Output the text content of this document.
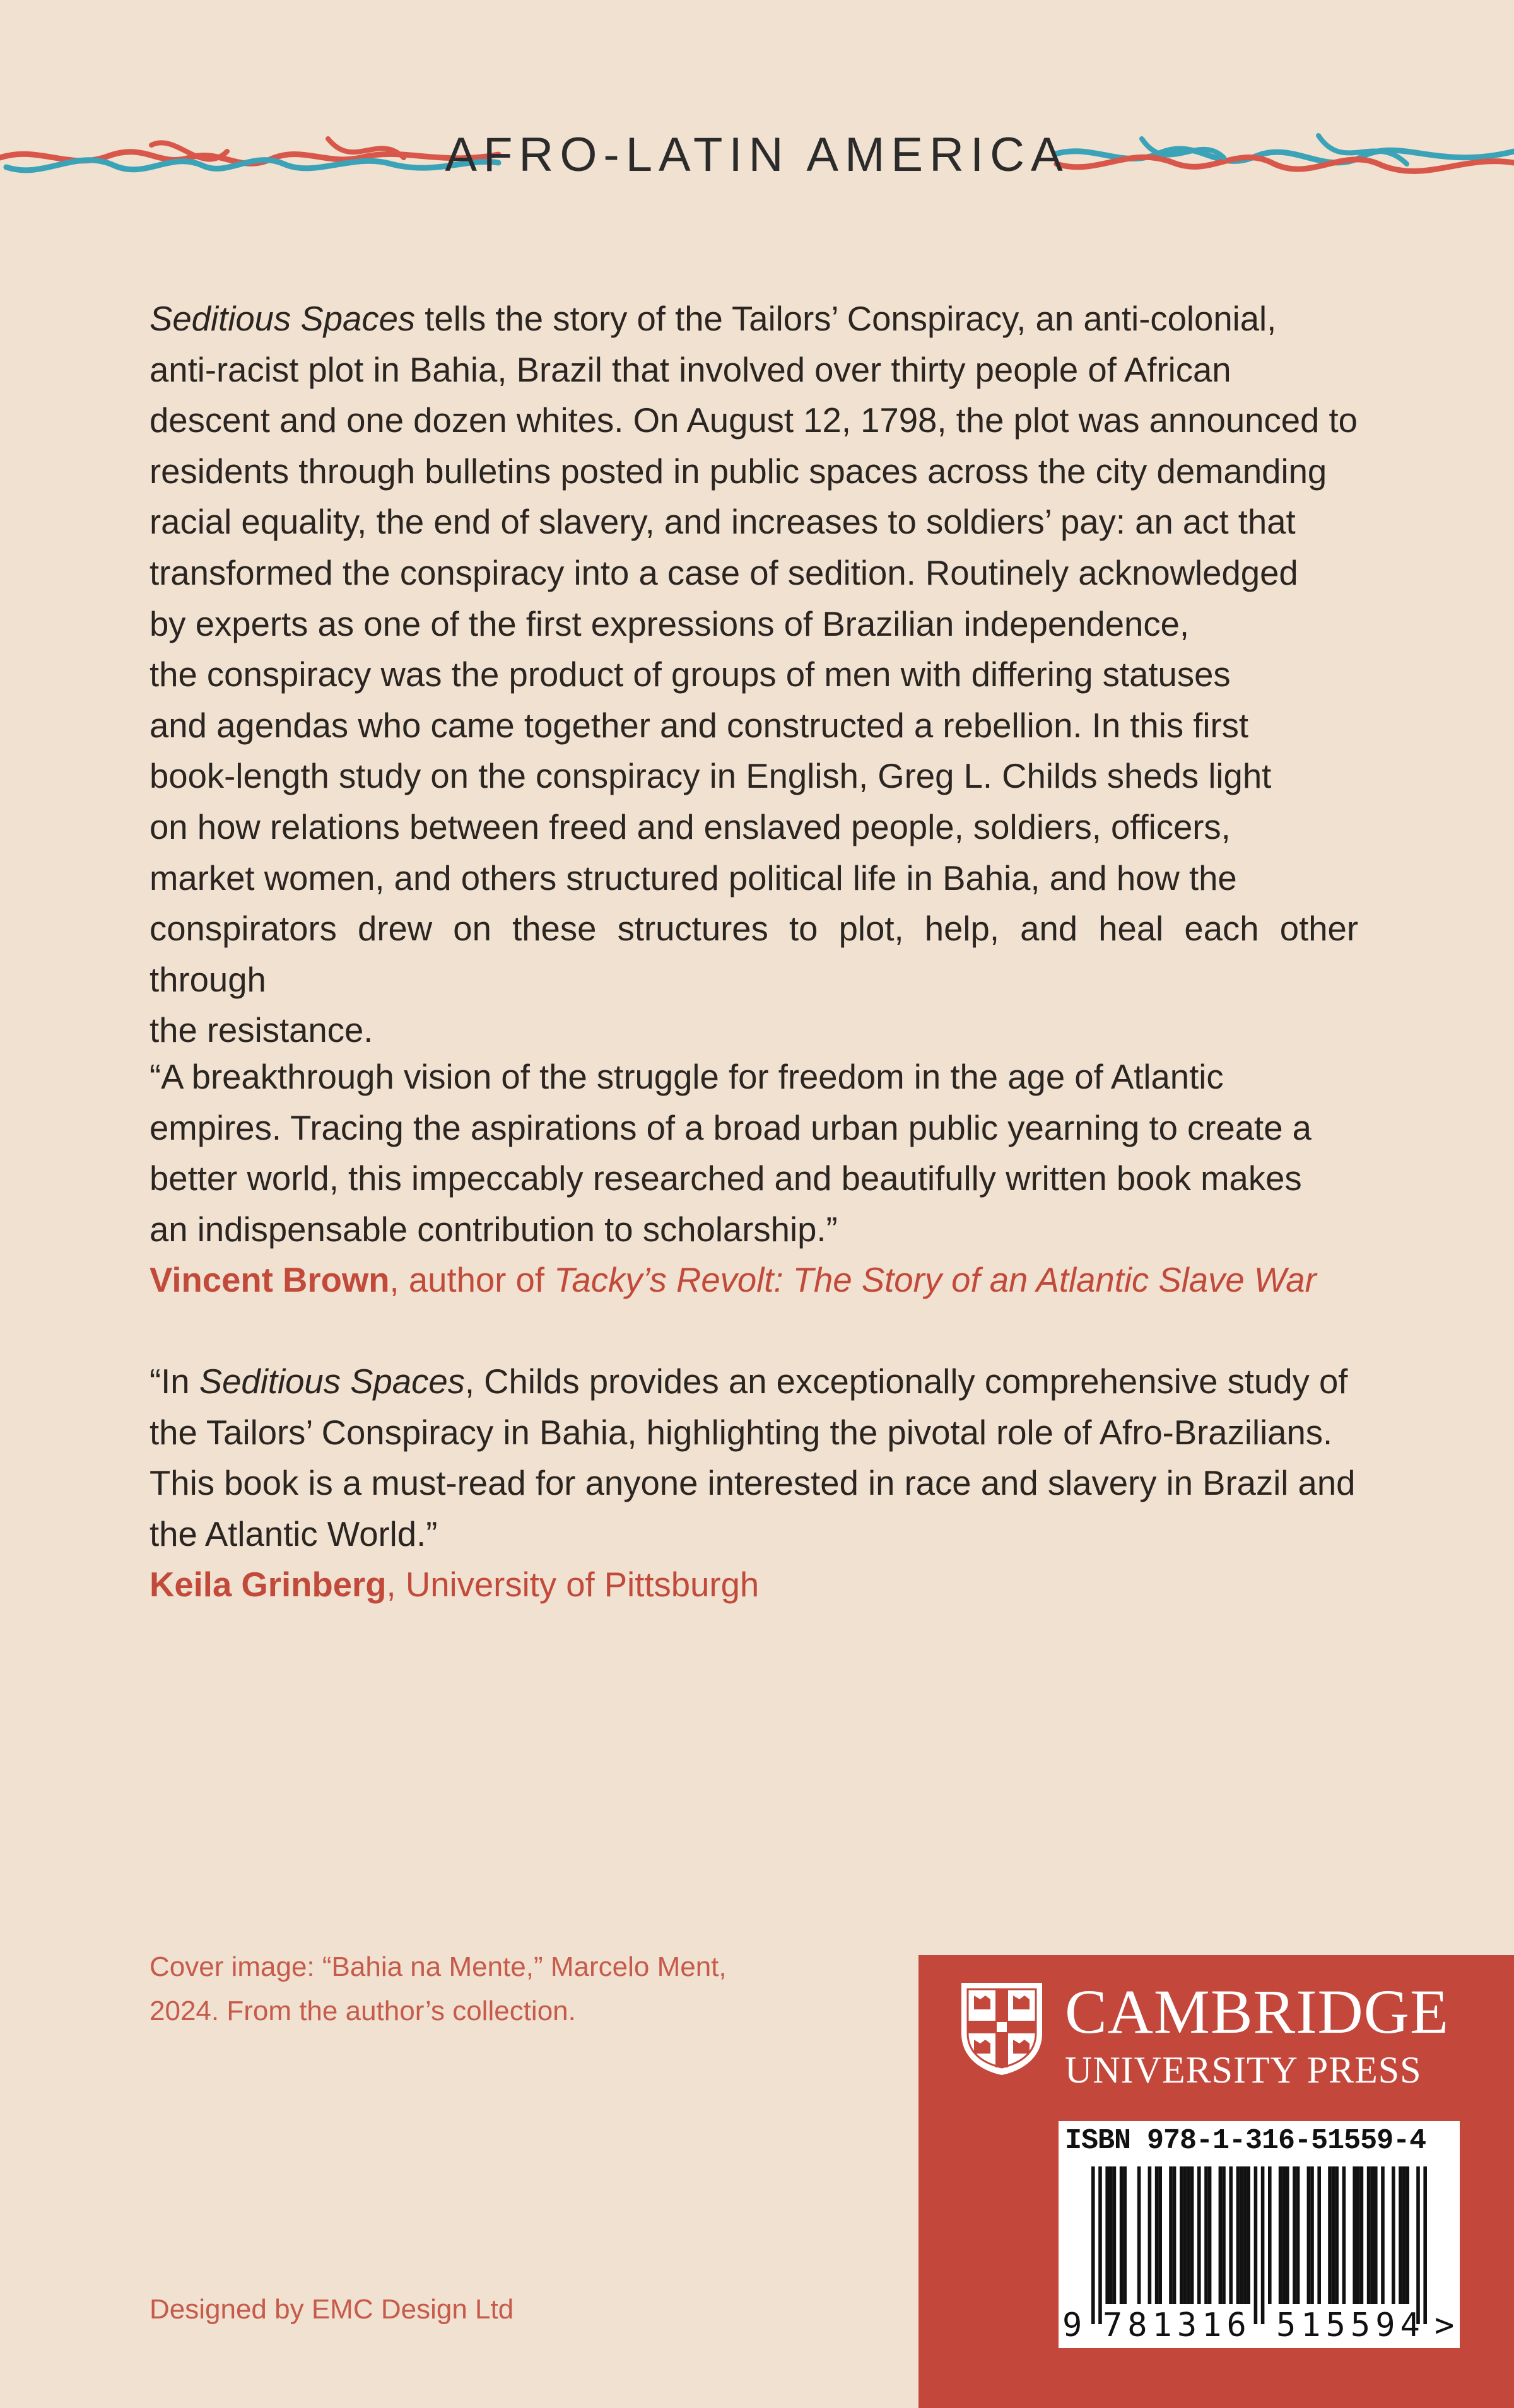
AFRO-LATIN AMERICA
Seditious Spaces tells the story of the Tailors’ Conspiracy, an anti-colonial,
anti-racist plot in Bahia, Brazil that involved over thirty people of African
descent and one dozen whites. On August 12, 1798, the plot was announced to
residents through bulletins posted in public spaces across the city demanding
racial equality, the end of slavery, and increases to soldiers’ pay: an act that
transformed the conspiracy into a case of sedition. Routinely acknowledged
by experts as one of the first expressions of Brazilian independence,
the conspiracy was the product of groups of men with differing statuses
and agendas who came together and constructed a rebellion. In this first
book-length study on the conspiracy in English, Greg L. Childs sheds light
on how relations between freed and enslaved people, soldiers, officers,
market women, and others structured political life in Bahia, and how the
conspirators drew on these structures to plot, help, and heal each other through

the resistance.
“A breakthrough vision of the struggle for freedom in the age of Atlantic
empires. Tracing the aspirations of a broad urban public yearning to create a
better world, this impeccably researched and beautifully written book makes

an indispensable contribution to scholarship.”
Vincent Brown, author of Tacky’s Revolt: The Story of an Atlantic Slave War
“In Seditious Spaces, Childs provides an exceptionally comprehensive study of
the Tailors’ Conspiracy in Bahia, highlighting the pivotal role of Afro-Brazilians.
This book is a must-read for anyone interested in race and slavery in Brazil and

the Atlantic World.”
Keila Grinberg, University of Pittsburgh
Cover image: “Bahia na Mente,” Marcelo Ment,
2024. From the author’s collection.
Designed by EMC Design Ltd
CAMBRIDGE
UNIVERSITY PRESS
ISBN 978-1-316-51559-4
9 781316 515594 >
